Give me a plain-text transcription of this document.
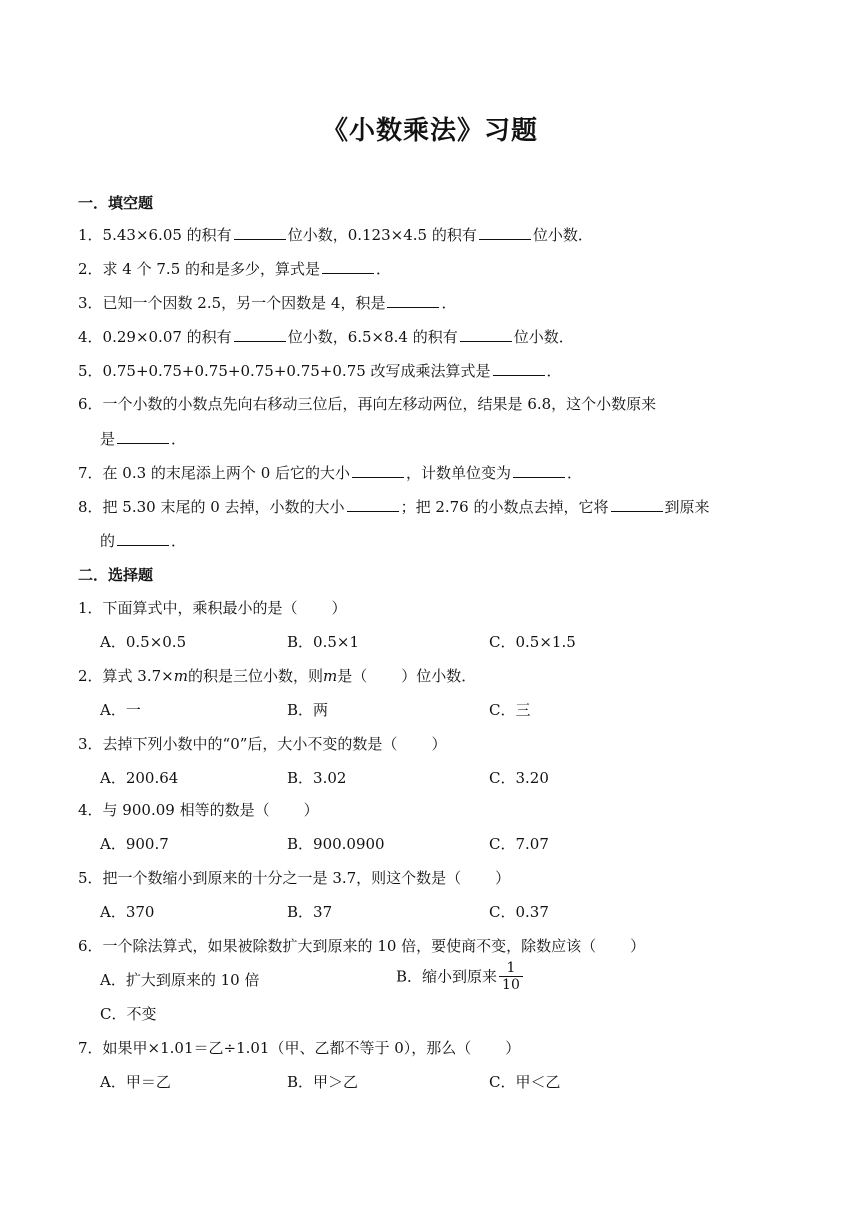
《小数乘法》习题
一．填空题
1．5.43×6.05 的积有	位小数，0.123×4.5 的积有	位小数．
2．求 4 个 7.5 的和是多少，算式是	．
3．已知一个因数 2.5，另一个因数是 4，积是	．
4．0.29×0.07 的积有	位小数，6.5×8.4 的积有	位小数．
5．0.75+0.75+0.75+0.75+0.75+0.75 改写成乘法算式是	．
6．一个小数的小数点先向右移动三位后，再向左移动两位，结果是 6.8，这个小数原来
是	．
7．在 0.3 的末尾添上两个 0 后它的大小	，计数单位变为	．
8．把 5.30 末尾的 0 去掉，小数的大小	；把 2.76 的小数点去掉，它将	到原来
的	．
二．选择题
1．下面算式中，乘积最小的是（ ）
A．0.5×0.5	B．0.5×1	C．0.5×1.5
2．算式 3.7×m的积是三位小数，则m是（ ）位小数．
A．一	B．两	C．三
3．去掉下列小数中的“0”后，大小不变的数是（ ）
A．200.64	B．3.02	C．3.20
4．与 900.09 相等的数是（ ）
A．900.7	B．900.0900	C．7.07
5．把一个数缩小到原来的十分之一是 3.7，则这个数是（ ）
A．370	B．37	C．0.37
6．一个除法算式，如果被除数扩大到原来的 10 倍，要使商不变，除数应该（ ）
A．扩大到原来的 10 倍	B．缩小到原来 $\frac{1}{10}$
C．不变
7．如果甲×1.01＝乙÷1.01（甲、乙都不等于 0），那么（ ）
A．甲＝乙	B．甲＞乙	C．甲＜乙
